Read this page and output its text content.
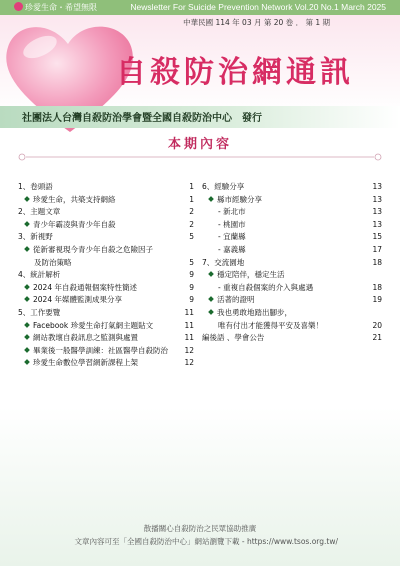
珍愛生命・希望無限	Newsletter For Suicide Prevention Network Vol.20 No.1 March 2025
中華民國 114 年 03 月 第 20 卷 ． 第 1 期
自殺防治網通訊
社團法人台灣自殺防治學會暨全國自殺防治中心　發行
本期內容
1、卷頭語	1
珍愛生命，共築支持網絡	1
2、主題文章	2
青少年霸凌與青少年自殺	2
3、新視野	5
從新審視現今青少年自殺之危險因子
及防治策略	5
4、統計解析	9
2024 年自殺通報個案特性簡述	9
2024 年媒體監測成果分享	9
5、工作要覽	11
Facebook 珍愛生命打氣網主題貼文	11
網站教壞自殺訊息之監測與處置	11
畢業後一般醫學訓練：社區醫學自殺防治 12
珍愛生命數位學習網新課程上架	12
6、經驗分享	13
縣市經驗分享	13
- 新北市	13
- 桃園市	13
- 宜蘭縣	15
- 嘉義縣	17
7、交流園地	18
穩定陪伴，穩定生活
- 重複自殺個案的介入與處遇	18
活著的證明	19
我也勇敢地踏出腳步，
唯有付出才能獲得平安及喜樂！	20
編後語 、學會公告	21
散播關心自殺防治之民眾協助推廣
文章內容可至「全國自殺防治中心」網站瀏覽下載 - https://www.tsos.org.tw/
